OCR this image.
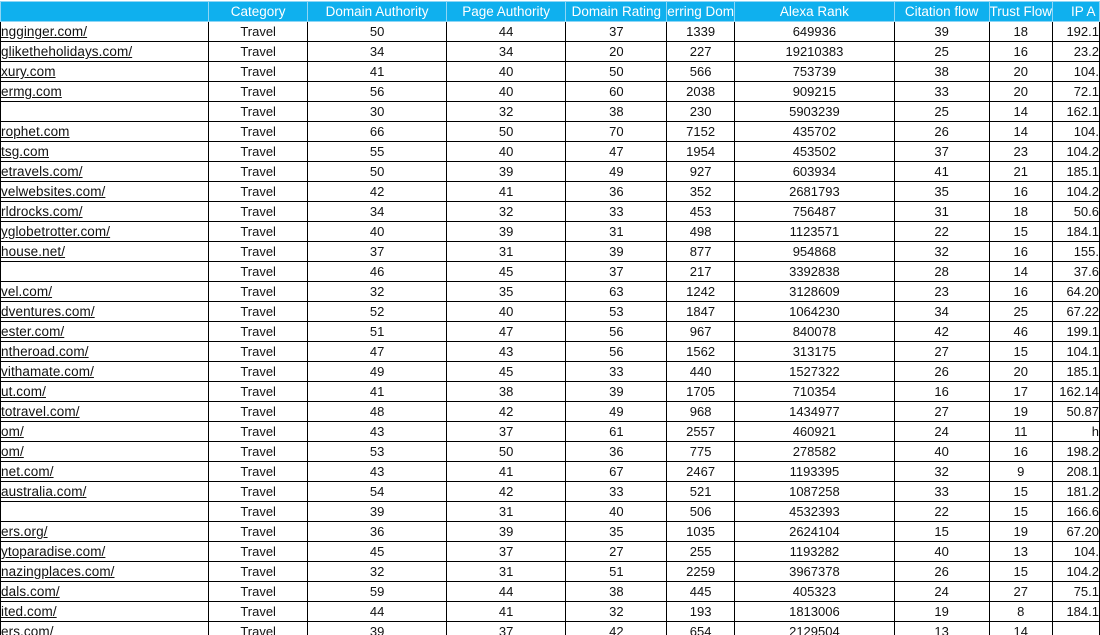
	Category	Domain Authority	Page Authority	Domain Rating	erring Dom	Alexa Rank	Citation flow	Trust Flow	IP A
ngginger.com/	Travel	50	44	37	1339	649936	39	18	192.1
gliketheholidays.com/	Travel	34	34	20	227	19210383	25	16	23.2
xury.com	Travel	41	40	50	566	753739	38	20	104.
ermg.com	Travel	56	40	60	2038	909215	33	20	72.1
	Travel	30	32	38	230	5903239	25	14	162.1
rophet.com	Travel	66	50	70	7152	435702	26	14	104.
tsg.com	Travel	55	40	47	1954	453502	37	23	104.2
etravels.com/	Travel	50	39	49	927	603934	41	21	185.1
velwebsites.com/	Travel	42	41	36	352	2681793	35	16	104.2
rldrocks.com/	Travel	34	32	33	453	756487	31	18	50.6
yglobetrotter.com/	Travel	40	39	31	498	1123571	22	15	184.1
house.net/	Travel	37	31	39	877	954868	32	16	155.
	Travel	46	45	37	217	3392838	28	14	37.6
vel.com/	Travel	32	35	63	1242	3128609	23	16	64.20
dventures.com/	Travel	52	40	53	1847	1064230	34	25	67.22
ester.com/	Travel	51	47	56	967	840078	42	46	199.1
ntheroad.com/	Travel	47	43	56	1562	313175	27	15	104.1
vithamate.com/	Travel	49	45	33	440	1527322	26	20	185.1
ut.com/	Travel	41	38	39	1705	710354	16	17	162.14
totravel.com/	Travel	48	42	49	968	1434977	27	19	50.87
om/	Travel	43	37	61	2557	460921	24	11	h
om/	Travel	53	50	36	775	278582	40	16	198.2
net.com/	Travel	43	41	67	2467	1193395	32	9	208.1
australia.com/	Travel	54	42	33	521	1087258	33	15	181.2
	Travel	39	31	40	506	4532393	22	15	166.6
ers.org/	Travel	36	39	35	1035	2624104	15	19	67.20
ytoparadise.com/	Travel	45	37	27	255	1193282	40	13	104.
nazingplaces.com/	Travel	32	31	51	2259	3967378	26	15	104.2
dals.com/	Travel	59	44	38	445	405323	24	27	75.1
ited.com/	Travel	44	41	32	193	1813006	19	8	184.1
ers.com/	Travel	39	37	42	654	2129504	13	14	
